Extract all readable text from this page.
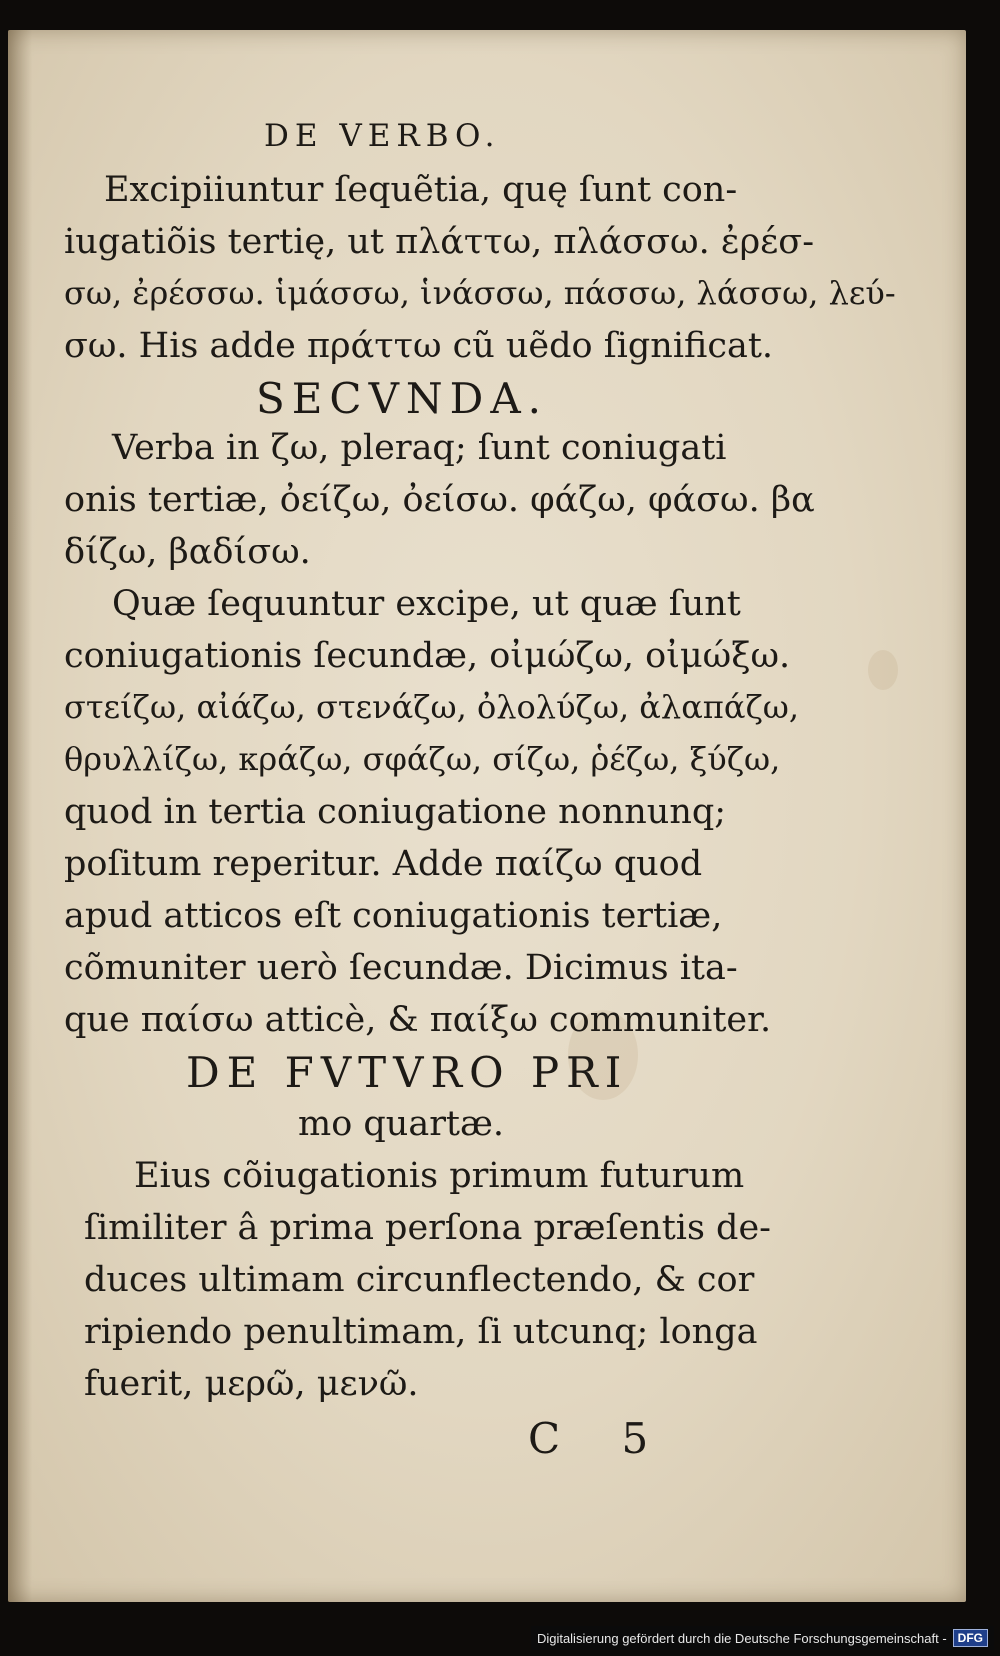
DE VERBO.
Excipiiuntur ſequẽtia, quę ſunt con-
iugatiõis tertię, ut πλάττω, πλάσσω. ἐρέσ-
σω, ἐρέσσω. ἱμάσσω, ἱνάσσω, πάσσω, λάσσω, λεύ-
σω. His adde πράττω cũ uẽdo ſignificat.
SECVNDA.
Verba in ζω, pleraq; ſunt coniugati
onis tertiæ, ὀείζω, ὀείσω. φάζω, φάσω. βα
δίζω, βαδίσω.
Quæ ſequuntur excipe, ut quæ ſunt
coniugationis ſecundæ, οἰμώζω, οἰμώξω.
στείζω, αἰάζω, στενάζω, ὀλολύζω, ἀλαπάζω,
θρυλλίζω, κράζω, σφάζω, σίζω, ῥέζω, ξύζω,
quod in tertia coniugatione nonnunq;
poſitum reperitur. Adde παίζω quod
apud atticos eſt coniugationis tertiæ,
cõmuniter uerò ſecundæ. Dicimus ita-
que παίσω atticè, & παίξω communiter.
DE FVTVRO PRI
mo quartæ.
Eius cõiugationis primum futurum
ſimiliter â prima perſona præſentis de-
duces ultimam circunflectendo, & cor
ripiendo penultimam, ſi utcunq; longa
fuerit, μερῶ, μενῶ.
C 5
Digitalisierung gefördert durch die Deutsche Forschungsgemeinschaft - DFG
